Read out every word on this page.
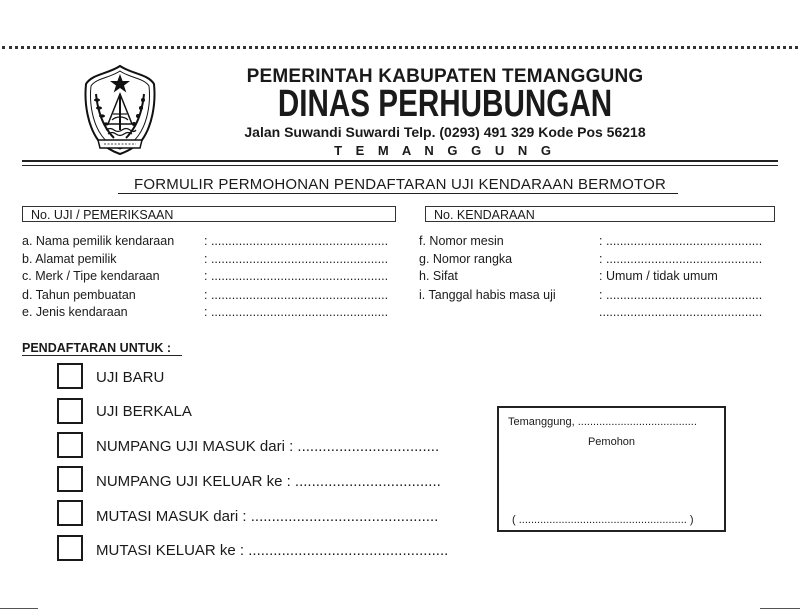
PEMERINTAH KABUPATEN TEMANGGUNG
DINAS PERHUBUNGAN
Jalan Suwandi Suwardi Telp. (0293) 491 329 Kode Pos 56218
T E M A N G G U N G
FORMULIR PERMOHONAN PENDAFTARAN UJI KENDARAAN BERMOTOR
No. UJI / PEMERIKSAAN
a. Nama pemilik kendaraan : ...................................................
b. Alamat pemilik	: ...................................................
c. Merk / Tipe kendaraan	: ...................................................
d. Tahun pembuatan	: ...................................................
e. Jenis kendaraan	: ...................................................
No. KENDARAAN
f. Nomor mesin	: .............................................
g. Nomor rangka	: .............................................
h. Sifat	: Umum / tidak umum
i. Tanggal habis masa uji	: .............................................
...............................................
PENDAFTARAN UNTUK :
UJI BARU
UJI BERKALA
NUMPANG UJI MASUK dari : ..................................
NUMPANG UJI KELUAR ke : ...................................
MUTASI MASUK dari : .............................................
MUTASI KELUAR ke : ................................................
Temanggung, .......................................
Pemohon
( ....................................................... )
